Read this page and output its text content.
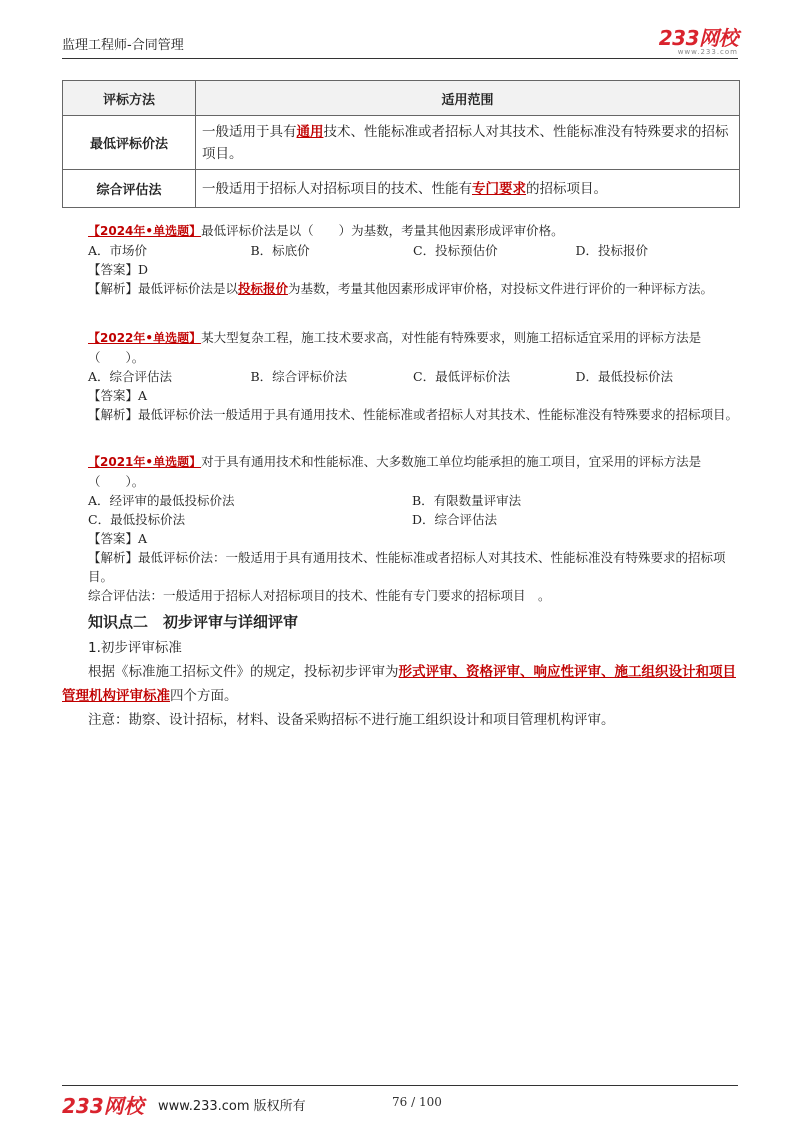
监理工程师-合同管理	233网校
www.233.com
评标方法	适用范围
最低评标价法	一般适用于具有通用技术、性能标准或者招标人对其技术、性能标准没有特殊要求的招标项目。
综合评估法	一般适用于招标人对招标项目的技术、性能有专门要求的招标项目。
【2024年•单选题】最低评标价法是以（　　）为基数，考量其他因素形成评审价格。
A．市场价	B．标底价	C．投标预估价	D．投标报价
【答案】D
【解析】最低评标价法是以投标报价为基数，考量其他因素形成评审价格，对投标文件进行评价的一种评标方法。
【2022年•单选题】某大型复杂工程，施工技术要求高，对性能有特殊要求，则施工招标适宜采用的评标方法是（　　）。
A．综合评估法	B．综合评标价法	C．最低评标价法	D．最低投标价法
【答案】A
【解析】最低评标价法一般适用于具有通用技术、性能标准或者招标人对其技术、性能标准没有特殊要求的招标项目。
【2021年•单选题】对于具有通用技术和性能标准、大多数施工单位均能承担的施工项目，宜采用的评标方法是（　　）。
A．经评审的最低投标价法	B．有限数量评审法
C．最低投标价法	D．综合评估法
【答案】A
【解析】最低评标价法：一般适用于具有通用技术、性能标准或者招标人对其技术、性能标准没有特殊要求的招标项目。
综合评估法：一般适用于招标人对招标项目的技术、性能有专门要求的招标项目　。
知识点二　初步评审与详细评审
1.初步评审标准
根据《标准施工招标文件》的规定，投标初步评审为形式评审、资格评审、响应性评审、施工组织设计和项目管理机构评审标准四个方面。
注意：勘察、设计招标，材料、设备采购招标不进行施工组织设计和项目管理机构评审。
233网校 www.233.com 版权所有	76 / 100
